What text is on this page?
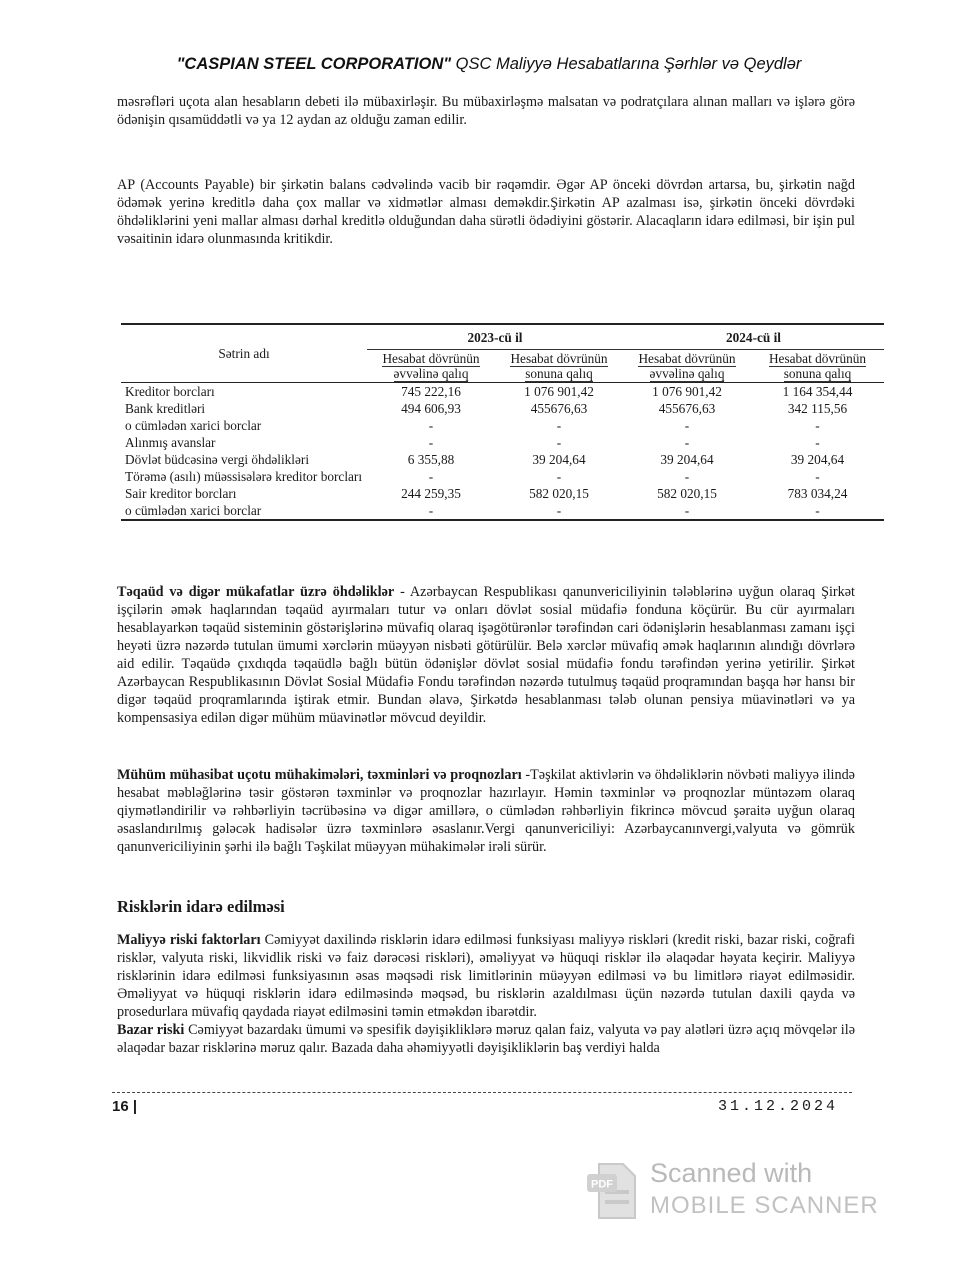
"CASPIAN STEEL CORPORATION" QSC Maliyyə Hesabatlarına Şərhlər və Qeydlər

məsrəfləri uçota alan hesabların debeti ilə mübaxirləşir. Bu mübaxirləşmə malsatan və podratçılara alınan malları və işlərə görə ödənişin qısamüddətli və ya 12 aydan az olduğu zaman edilir.

AP (Accounts Payable) bir şirkətin balans cədvəlində vacib bir rəqəmdir. Əgər AP önceki dövrdən artarsa, bu, şirkətin nağd ödəmək yerinə kreditlə daha çox mallar və xidmətlər alması deməkdir.Şirkətin AP azalması isə, şirkətin önceki dövrdəki öhdəliklərini yeni mallar alması dərhal kreditlə olduğundan daha sürətli ödədiyini göstərir. Alacaqların idarə edilməsi, bir işin pul vəsaitinin idarə olunmasında kritikdir.

Sətrin adı	2023-cü il		2024-cü il	
	Hesabat dövrünün əvvəlinə qalıq	Hesabat dövrünün sonuna qalıq	Hesabat dövrünün əvvəlinə qalıq	Hesabat dövrünün sonuna qalıq
Kreditor borcları	745 222,16	1 076 901,42	1 076 901,42	1 164 354,44
Bank kreditləri	494 606,93	455676,63	455676,63	342 115,56
o cümlədən xarici borclar	-	-	-	-
Alınmış avanslar	-	-	-	-
Dövlət büdcəsinə vergi öhdəlikləri	6 355,88	39 204,64	39 204,64	39 204,64
Törəmə (asılı) müəssisələrə kreditor borcları	-	-	-	-
Sair kreditor borcları	244 259,35	582 020,15	582 020,15	783 034,24
o cümlədən xarici borclar	-	-	-	-

Təqaüd və digər mükafatlar üzrə öhdəliklər - Azərbaycan Respublikası qanunvericiliyinin tələblərinə uyğun olaraq Şirkət işçilərin əmək haqlarından təqaüd ayırmaları tutur və onları dövlət sosial müdafiə fonduna köçürür. Bu cür ayırmaları hesablayarkən təqaüd sisteminin göstərişlərinə müvafiq olaraq işəgötürənlər tərəfindən cari ödənişlərin hesablanması zamanı işçi heyəti üzrə nəzərdə tutulan ümumi xərclərin müəyyən nisbəti götürülür. Belə xərclər müvafiq əmək haqlarının alındığı dövrlərə aid edilir. Təqaüdə çıxdıqda təqaüdlə bağlı bütün ödənişlər dövlət sosial müdafiə fondu tərəfindən yerinə yetirilir. Şirkət Azərbaycan Respublikasının Dövlət Sosial Müdafiə Fondu tərəfindən nəzərdə tutulmuş təqaüd proqramından başqa hər hansı bir digər təqaüd proqramlarında iştirak etmir. Bundan əlavə, Şirkətdə hesablanması tələb olunan pensiya müavinətləri və ya kompensasiya edilən digər mühüm müavinətlər mövcud deyildir.

Mühüm mühasibat uçotu mühakimələri, təxminləri və proqnozları -Təşkilat aktivlərin və öhdəliklərin növbəti maliyyə ilində hesabat məbləğlərinə təsir göstərən təxminlər və proqnozlar hazırlayır. Həmin təxminlər və proqnozlar müntəzəm olaraq qiymətləndirilir və rəhbərliyin təcrübəsinə və digər amillərə, o cümlədən rəhbərliyin fikrincə mövcud şəraitə uyğun olaraq əsaslandırılmış gələcək hadisələr üzrə təxminlərə əsaslanır.Vergi qanunvericiliyi: Azərbaycanınvergi,valyuta və gömrük qanunvericiliyinin şərhi ilə bağlı Təşkilat müəyyən mühakimələr irəli sürür.

Risklərin idarə edilməsi

Maliyyə riski faktorları Cəmiyyət daxilində risklərin idarə edilməsi funksiyası maliyyə riskləri (kredit riski, bazar riski, coğrafi risklər, valyuta riski, likvidlik riski və faiz dərəcəsi riskləri), əməliyyat və hüquqi risklər ilə əlaqədar həyata keçirir. Maliyyə risklərinin idarə edilməsi funksiyasının əsas məqsədi risk limitlərinin müəyyən edilməsi və bu limitlərə riayət edilməsidir. Əməliyyat və hüquqi risklərin idarə edilməsində məqsəd, bu risklərin azaldılması üçün nəzərdə tutulan daxili qayda və prosedurlara müvafiq qaydada riayət edilməsini təmin etməkdən ibarətdir.
Bazar riski Cəmiyyət bazardakı ümumi və spesifik dəyişikliklərə məruz qalan faiz, valyuta və pay alətləri üzrə açıq mövqelər ilə əlaqədar bazar risklərinə məruz qalır. Bazada daha əhəmiyyətli dəyişikliklərin baş verdiyi halda

16 |	31.12.2024
PDF Scanned with
MOBILE SCANNER
